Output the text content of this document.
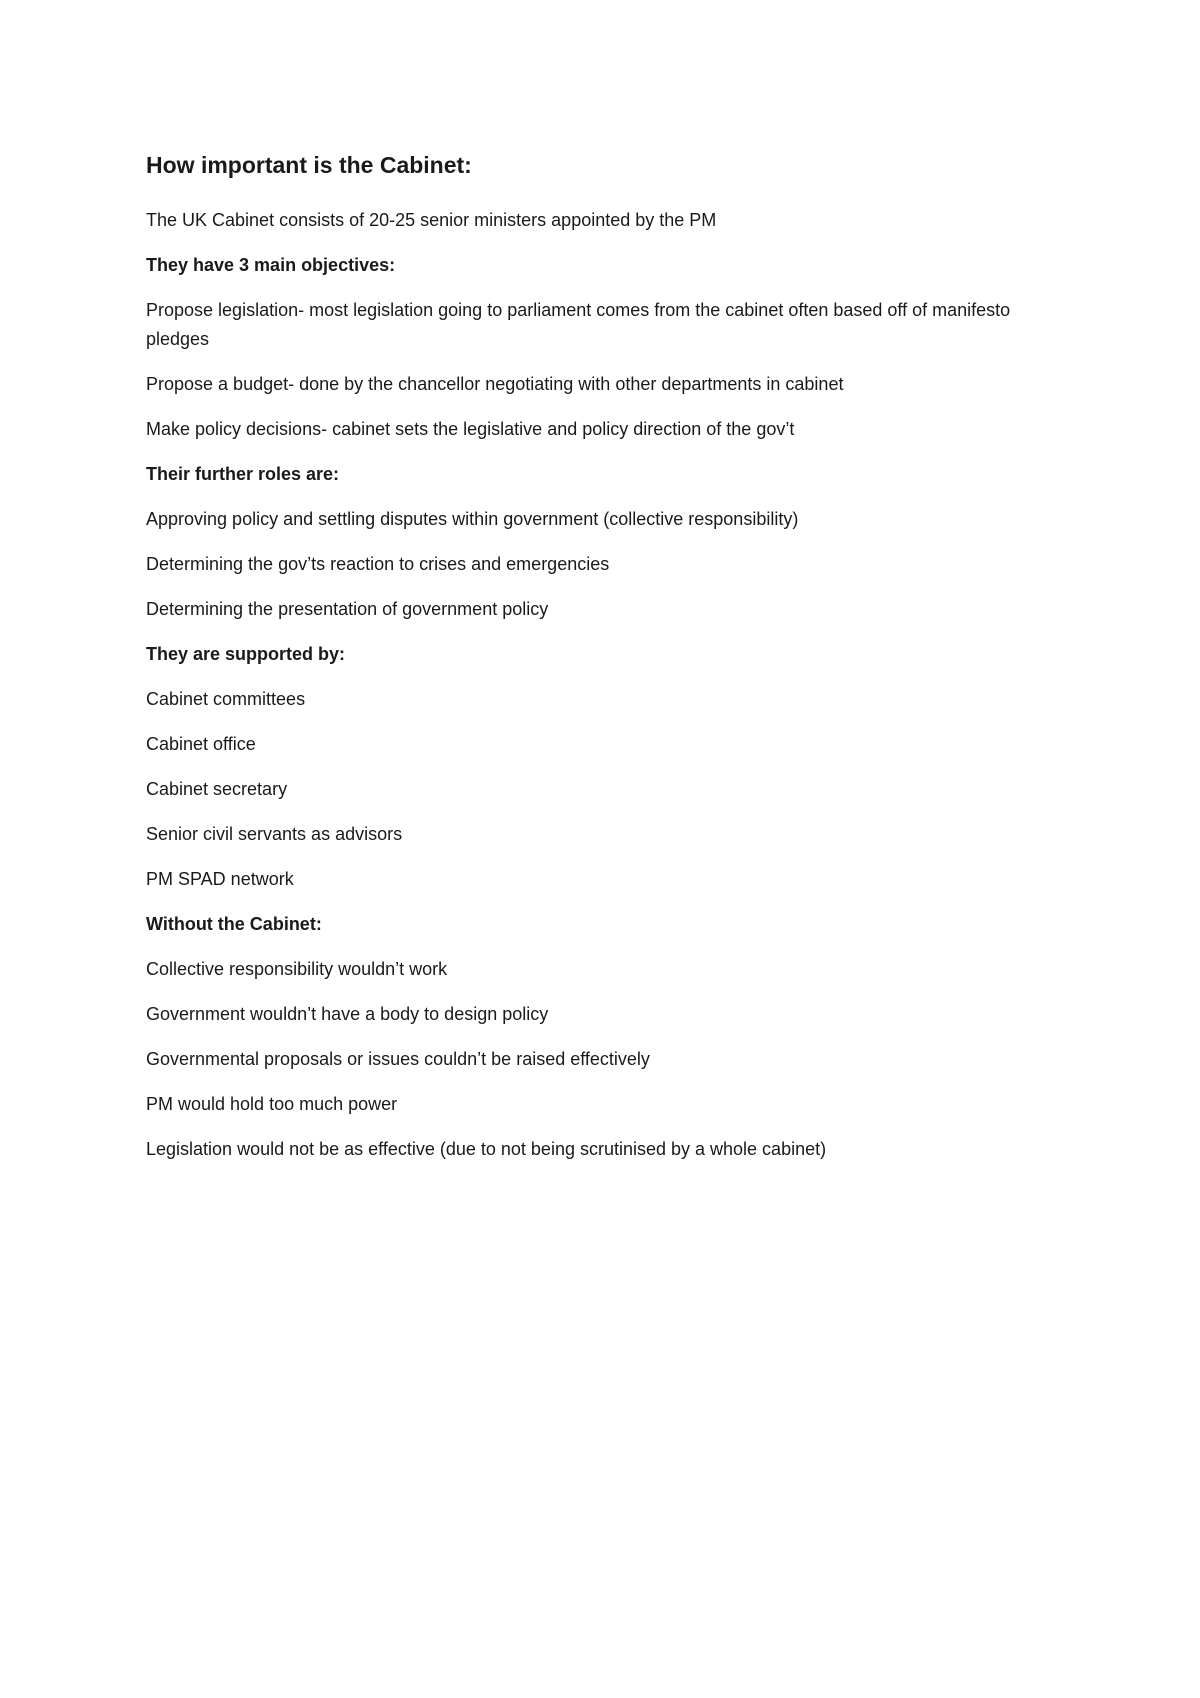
How important is the Cabinet:

The UK Cabinet consists of 20-25 senior ministers appointed by the PM

They have 3 main objectives:

Propose legislation- most legislation going to parliament comes from the cabinet often based off of manifesto pledges

Propose a budget- done by the chancellor negotiating with other departments in cabinet

Make policy decisions- cabinet sets the legislative and policy direction of the gov’t

Their further roles are:

Approving policy and settling disputes within government (collective responsibility)

Determining the gov’ts reaction to crises and emergencies

Determining the presentation of government policy

They are supported by:

Cabinet committees

Cabinet office

Cabinet secretary

Senior civil servants as advisors

PM SPAD network

Without the Cabinet:

Collective responsibility wouldn’t work

Government wouldn’t have a body to design policy

Governmental proposals or issues couldn’t be raised effectively

PM would hold too much power

Legislation would not be as effective (due to not being scrutinised by a whole cabinet)
